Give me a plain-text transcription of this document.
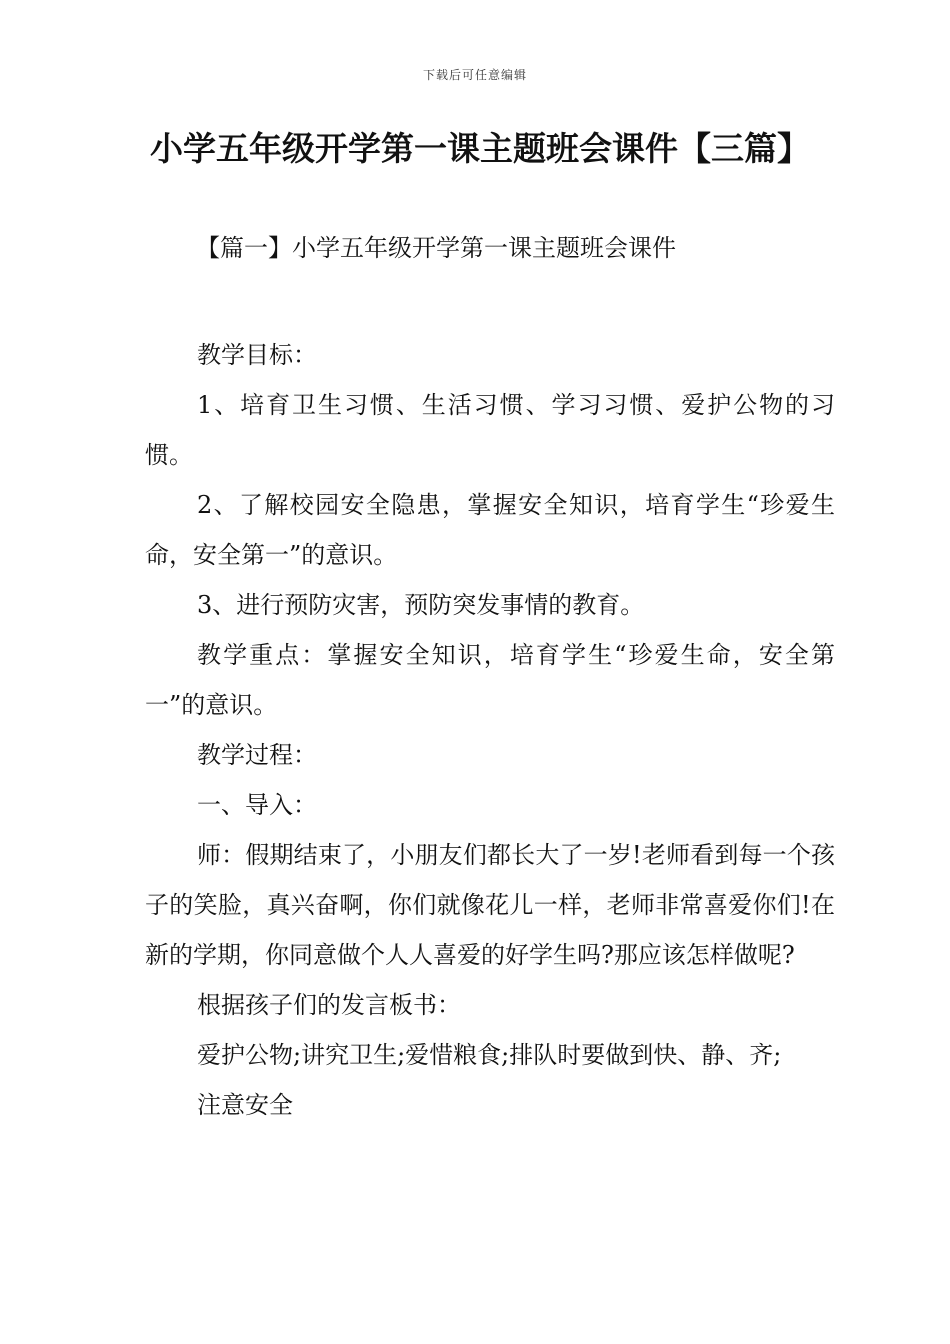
下载后可任意编辑
小学五年级开学第一课主题班会课件【三篇】
【篇一】小学五年级开学第一课主题班会课件

教学目标：

1、培育卫生习惯、生活习惯、学习习惯、爱护公物的习惯。

2、了解校园安全隐患，掌握安全知识，培育学生“珍爱生命，安全第一”的意识。

3、进行预防灾害，预防突发事情的教育。

教学重点：掌握安全知识，培育学生“珍爱生命，安全第一”的意识。

教学过程：

一、导入：

师：假期结束了，小朋友们都长大了一岁!老师看到每一个孩子的笑脸，真兴奋啊，你们就像花儿一样，老师非常喜爱你们!在新的学期，你同意做个人人喜爱的好学生吗?那应该怎样做呢?

根据孩子们的发言板书：

爱护公物;讲究卫生;爱惜粮食;排队时要做到快、静、齐;

注意安全
